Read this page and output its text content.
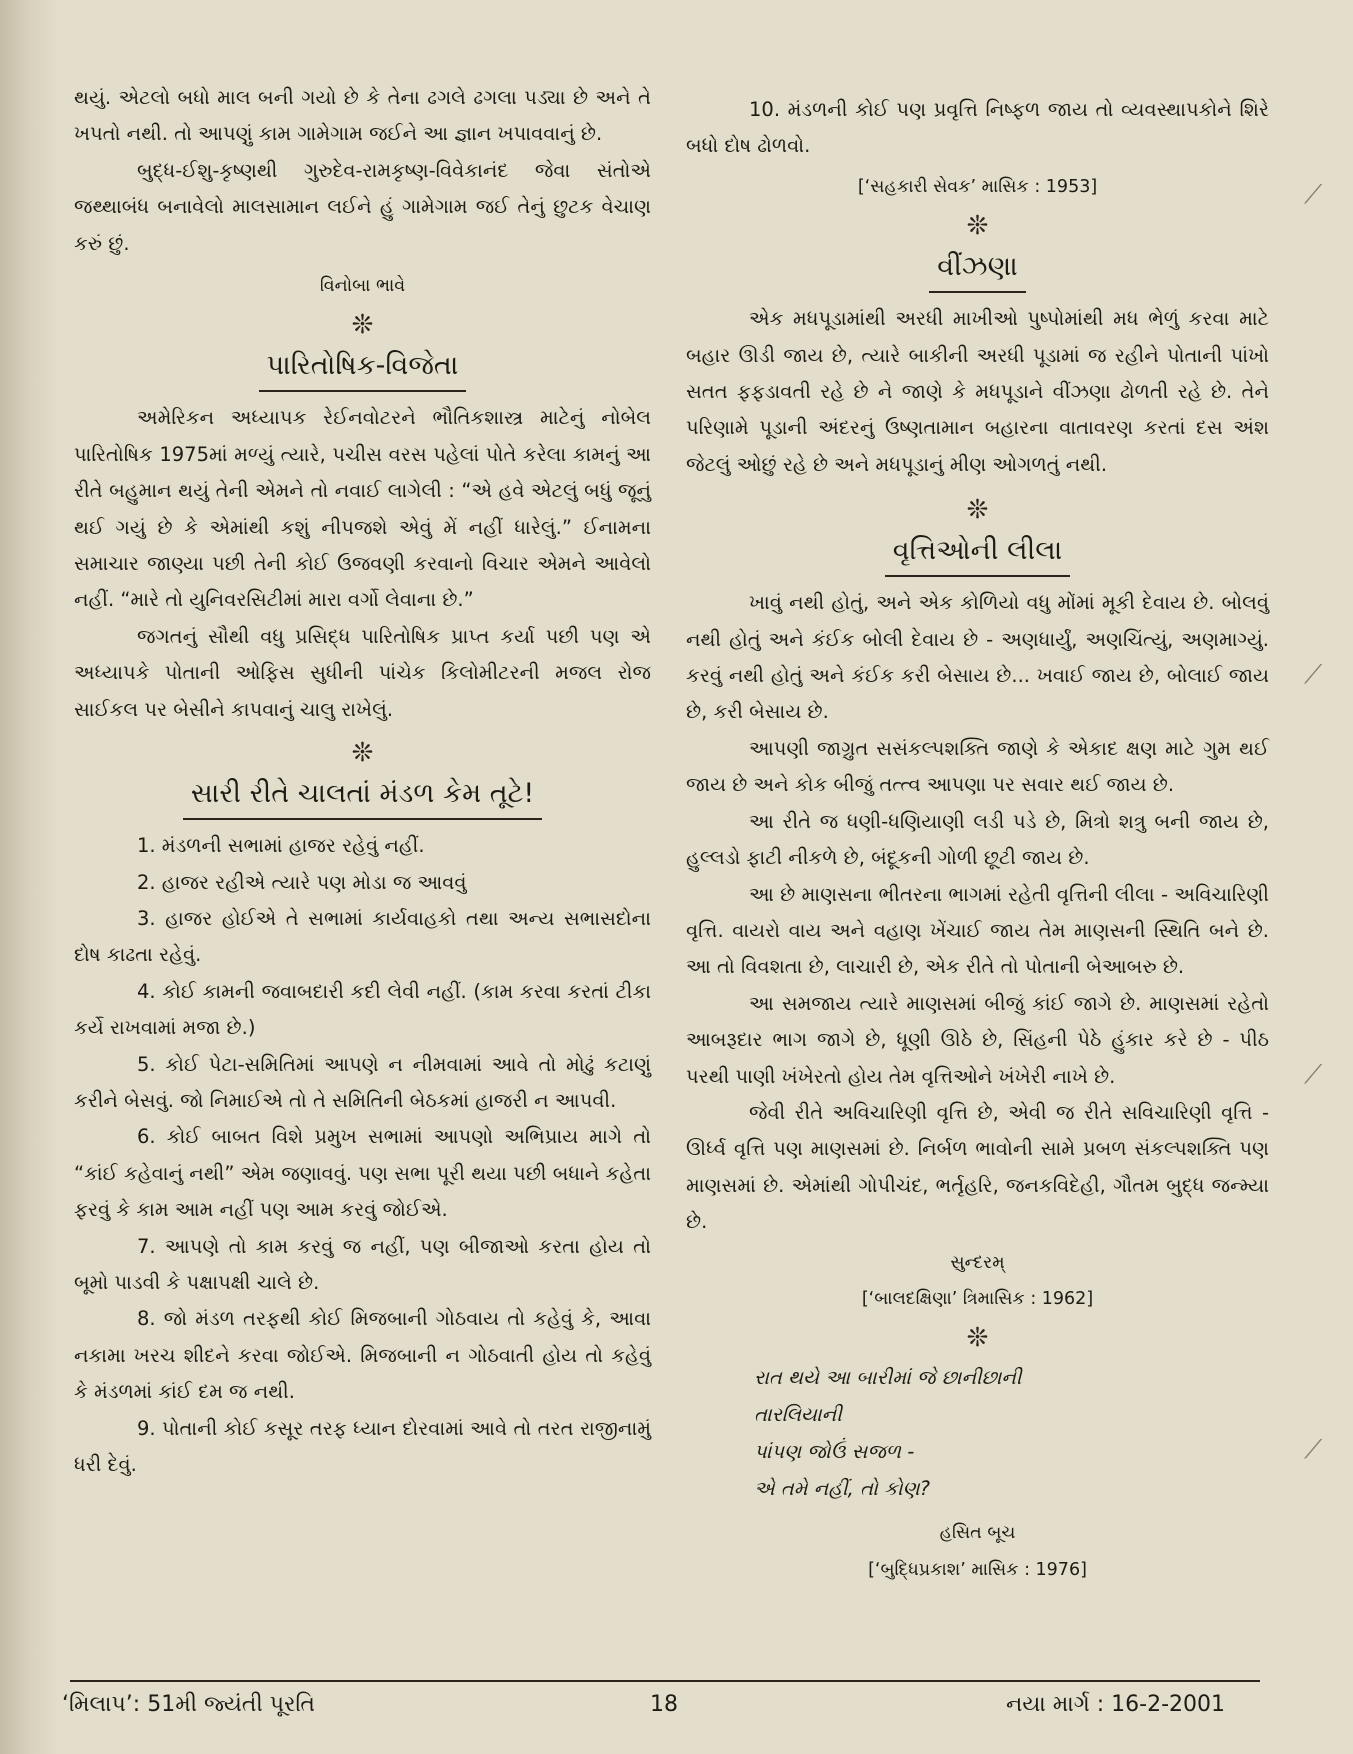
થયું. એટલો બધો માલ બની ગયો છે કે તેના ઢગલે ઢગલા પડ્યા છે અને તે ખપતો નથી. તો આપણું કામ ગામેગામ જઈને આ જ્ઞાન ખપાવવાનું છે.

બુદ્ધ-ઈશુ-કૃષ્ણથી ગુરુદેવ-રામકૃષ્ણ-વિવેકાનંદ જેવા સંતોએ જથ્થાબંધ બનાવેલો માલસામાન લઈને હું ગામેગામ જઈ તેનું છુટક વેચાણ કરું છું.

વિનોબા ભાવે

❊
પારિતોષિક-વિજેતા

અમેરિકન અધ્યાપક રેઈનવોટરને ભૌતિકશાસ્ત્ર માટેનું નોબેલ પારિતોષિક 1975માં મળ્યું ત્યારે, પચીસ વરસ પહેલાં પોતે કરેલા કામનું આ રીતે બહુમાન થયું તેની એમને તો નવાઈ લાગેલી : “એ હવે એટલું બધું જૂનું થઈ ગયું છે કે એમાંથી કશું નીપજશે એવું મેં નહીં ધારેલું.” ઈનામના સમાચાર જાણ્યા પછી તેની કોઈ ઉજવણી કરવાનો વિચાર એમને આવેલો નહીં. “મારે તો યુનિવરસિટીમાં મારા વર્ગો લેવાના છે.”

જગતનું સૌથી વધુ પ્રસિદ્ધ પારિતોષિક પ્રાપ્ત કર્યા પછી પણ એ અધ્યાપકે પોતાની ઓફિસ સુધીની પાંચેક કિલોમીટરની મજલ રોજ સાઈકલ પર બેસીને કાપવાનું ચાલુ રાખેલું.

❊
સારી રીતે ચાલતાં મંડળ કેમ તૂટે!

1. મંડળની સભામાં હાજર રહેવું નહીં.

2. હાજર રહીએ ત્યારે પણ મોડા જ આવવું

3. હાજર હોઈએ તે સભામાં કાર્યવાહકો તથા અન્ય સભાસદોના દોષ કાઢતા રહેવું.

4. કોઈ કામની જવાબદારી કદી લેવી નહીં. (કામ કરવા કરતાં ટીકા કર્યે રાખવામાં મજા છે.)

5. કોઈ પેટા-સમિતિમાં આપણે ન નીમવામાં આવે તો મોઢું કટાણું કરીને બેસવું. જો નિમાઈએ તો તે સમિતિની બેઠકમાં હાજરી ન આપવી.

6. કોઈ બાબત વિશે પ્રમુખ સભામાં આપણો અભિપ્રાય માગે તો “કાંઈ કહેવાનું નથી” એમ જણાવવું. પણ સભા પૂરી થયા પછી બધાને કહેતા ફરવું કે કામ આમ નહીં પણ આમ કરવું જોઈએ.

7. આપણે તો કામ કરવું જ નહીં, પણ બીજાઓ કરતા હોય તો બૂમો પાડવી કે પક્ષાપક્ષી ચાલે છે.

8. જો મંડળ તરફથી કોઈ મિજબાની ગોઠવાય તો કહેવું કે, આવા નકામા ખરચ શીદને કરવા જોઈએ. મિજબાની ન ગોઠવાતી હોય તો કહેવું કે મંડળમાં કાંઈ દમ જ નથી.

9. પોતાની કોઈ કસૂર તરફ ધ્યાન દોરવામાં આવે તો તરત રાજીનામું ધરી દેવું.

10. મંડળની કોઈ પણ પ્રવૃત્તિ નિષ્ફળ જાય તો વ્યવસ્થાપકોને શિરે બધો દોષ ઢોળવો.

[‘સહકારી સેવક’ માસિક : 1953]

❊
વીંઝણા

એક મધપૂડામાંથી અરધી માખીઓ પુષ્પોમાંથી મધ ભેળું કરવા માટે બહાર ઊડી જાય છે, ત્યારે બાકીની અરધી પૂડામાં જ રહીને પોતાની પાંખો સતત ફફડાવતી રહે છે ને જાણે કે મધપૂડાને વીંઝણા ઢોળતી રહે છે. તેને પરિણામે પૂડાની અંદરનું ઉષ્ણતામાન બહારના વાતાવરણ કરતાં દસ અંશ જેટલું ઓછું રહે છે અને મધપૂડાનું મીણ ઓગળતું નથી.

❊
વૃત્તિઓની લીલા

ખાવું નથી હોતું, અને એક કોળિયો વધુ મોંમાં મૂકી દેવાય છે. બોલવું નથી હોતું અને કંઈક બોલી દેવાય છે - અણધાર્યું, અણચિંત્યું, અણમાગ્યું. કરવું નથી હોતું અને કંઈક કરી બેસાય છે... ખવાઈ જાય છે, બોલાઈ જાય છે, કરી બેસાય છે.

આપણી જાગ્રુત સસંકલ્પશક્તિ જાણે કે એકાદ ક્ષણ માટે ગુમ થઈ જાય છે અને કોક બીજું તત્ત્વ આપણા પર સવાર થઈ જાય છે.

આ રીતે જ ધણી-ધણિયાણી લડી પડે છે, મિત્રો શત્રુ બની જાય છે, હુલ્લડો ફાટી નીકળે છે, બંદૂકની ગોળી છૂટી જાય છે.

આ છે માણસના ભીતરના ભાગમાં રહેતી વૃત્તિની લીલા - અવિચારિણી વૃત્તિ. વાયરો વાય અને વહાણ ખેંચાઈ જાય તેમ માણસની સ્થિતિ બને છે. આ તો વિવશતા છે, લાચારી છે, એક રીતે તો પોતાની બેઆબરુ છે.

આ સમજાય ત્યારે માણસમાં બીજું કાંઈ જાગે છે. માણસમાં રહેતો આબરૂદાર ભાગ જાગે છે, ધૂણી ઊઠે છે, સિંહની પેઠે હુંકાર કરે છે - પીઠ પરથી પાણી ખંખેરતો હોય તેમ વૃત્તિઓને ખંખેરી નાખે છે.

જેવી રીતે અવિચારિણી વૃત્તિ છે, એવી જ રીતે સવિચારિણી વૃત્તિ - ઊર્ધ્વ વૃત્તિ પણ માણસમાં છે. નિર્બળ ભાવોની સામે પ્રબળ સંકલ્પશક્તિ પણ માણસમાં છે. એમાંથી ગોપીચંદ, ભર્તૃહરિ, જનકવિદેહી, ગૌતમ બુદ્ધ જન્મ્યા છે.

સુન્દરમ્

[‘બાલદક્ષિણા’ ત્રિમાસિક : 1962]

❊
રાત થયે આ બારીમાં જે છાનીછાની
તારલિયાની
પાંપણ જોઉં સજળ -
એ તમે નહીં, તો કોણ?

હસિત બૂચ

[‘બુદ્ધિપ્રકાશ’ માસિક : 1976]

⟋
⟋
⟋
⟋
‘મિલાપ’: 51મી જ્યંતી પૂરતિ	18	નયા માર્ગ : 16-2-2001
